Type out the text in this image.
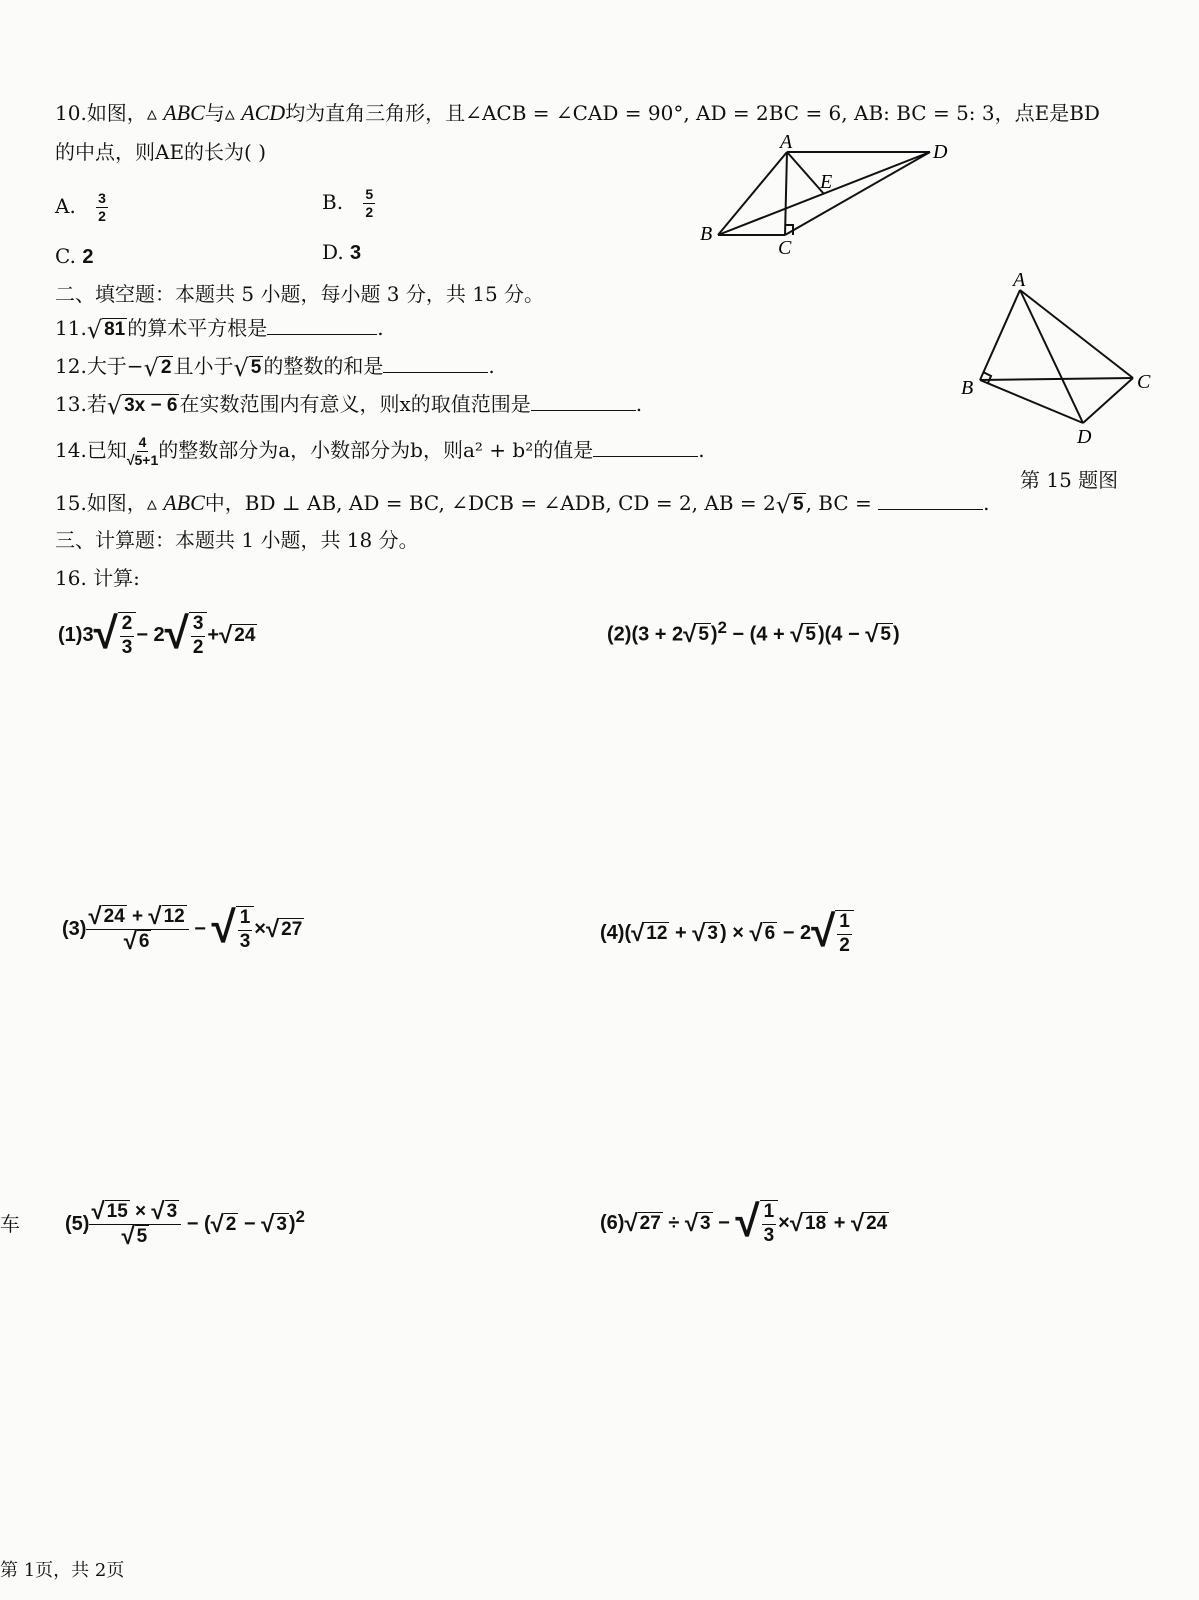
10.如图，▵ ABC与▵ ACD均为直角三角形，且∠ACB = ∠CAD = 90°, AD = 2BC = 6, AB: BC = 5: 3，点E是BD
的中点，则AE的长为( )
A. $\frac{3}{2}$	B. $\frac{5}{2}$
C. 2	D. 3
A	D
E
B
C
二、填空题：本题共 5 小题，每小题 3 分，共 15 分。
11. √ 81 的算术平方根是	.
12.大于− √ 2 且小于 √ 5 的整数的和是	.
13.若 √ 3x − 6 在实数范围内有意义，则x的取值范围是	.
14.已知 $\frac{4}{√5+1}$ 的整数部分为a，小数部分为b，则a² + b²的值是	.
15.如图，▵ ABC中，BD ⊥ AB, AD = BC, ∠DCB = ∠ADB, CD = 2, AB = 2 √ 5 , BC =	.
A
B	C
D
第 15 题图
三、计算题：本题共 1 小题，共 18 分。
16. 计算:
(1)3 √ $\frac{2}{3} - 2$ √ $\frac{3}{2}$ + √ 24	(2)(3 + 2 √ 5 )$^2$ − (4 + √ 5 )(4 − √ 5 )
$(3) \frac{√ 24 + √ 12}{√ 6}$ − √ $\frac{1}{3}$ × √ 27	(4)( √ 12 + √ 3 ) × √ 6 − 2 √ $\frac{1}{2}$
车 $(5) \frac{√ 15 \times √ 3}{√ 5}$ − ( √ 2 − √ 3 )$^2$	(6) √ 27 ÷ √ 3 − √ $\frac{1}{3}$ × √ 18 + √ 24
第 1页，共 2页
